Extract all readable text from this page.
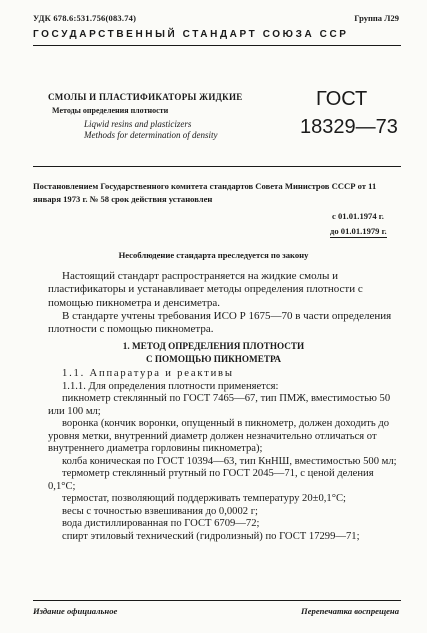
УДК 678.6:531.756(083.74)	Группа Л29
ГОСУДАРСТВЕННЫЙ СТАНДАРТ СОЮЗА ССР
СМОЛЫ И ПЛАСТИФИКАТОРЫ ЖИДКИЕ
Методы определения плотности
Liqwid resins and plasticizers
Methods for determination of density
ГОСТ
18329—73
Постановлением Государственного комитета стандартов Совета Министров СССР от 11 января 1973 г. № 58 срок действия установлен
с 01.01.1974 г.
до 01.01.1979 г.
Несоблюдение стандарта преследуется по закону

Настоящий стандарт распространяется на жидкие смолы и пластификаторы и устанавливает методы определения плотности с помощью пикнометра и денсиметра.

В стандарте учтены требования ИСО Р 1675—70 в части определения плотности с помощью пикнометра.

1. МЕТОД ОПРЕДЕЛЕНИЯ ПЛОТНОСТИ
С ПОМОЩЬЮ ПИКНОМЕТРА

1.1. Аппаратура и реактивы

1.1.1. Для определения плотности применяется:

пикнометр стеклянный по ГОСТ 7465—67, тип ПМЖ, вместимостью 50 или 100 мл;

воронка (кончик воронки, опущенный в пикнометр, должен доходить до уровня метки, внутренний диаметр должен незначительно отличаться от внутреннего диаметра горловины пикнометра);

колба коническая по ГОСТ 10394—63, тип КнНШ, вместимостью 500 мл;

термометр стеклянный ртутный по ГОСТ 2045—71, с ценой деления 0,1°С;

термостат, позволяющий поддерживать температуру 20±0,1°С;

весы с точностью взвешивания до 0,0002 г;

вода дистиллированная по ГОСТ 6709—72;

спирт этиловый технический (гидролизный) по ГОСТ 17299—71;

Издание официальное	Перепечатка воспрещена
